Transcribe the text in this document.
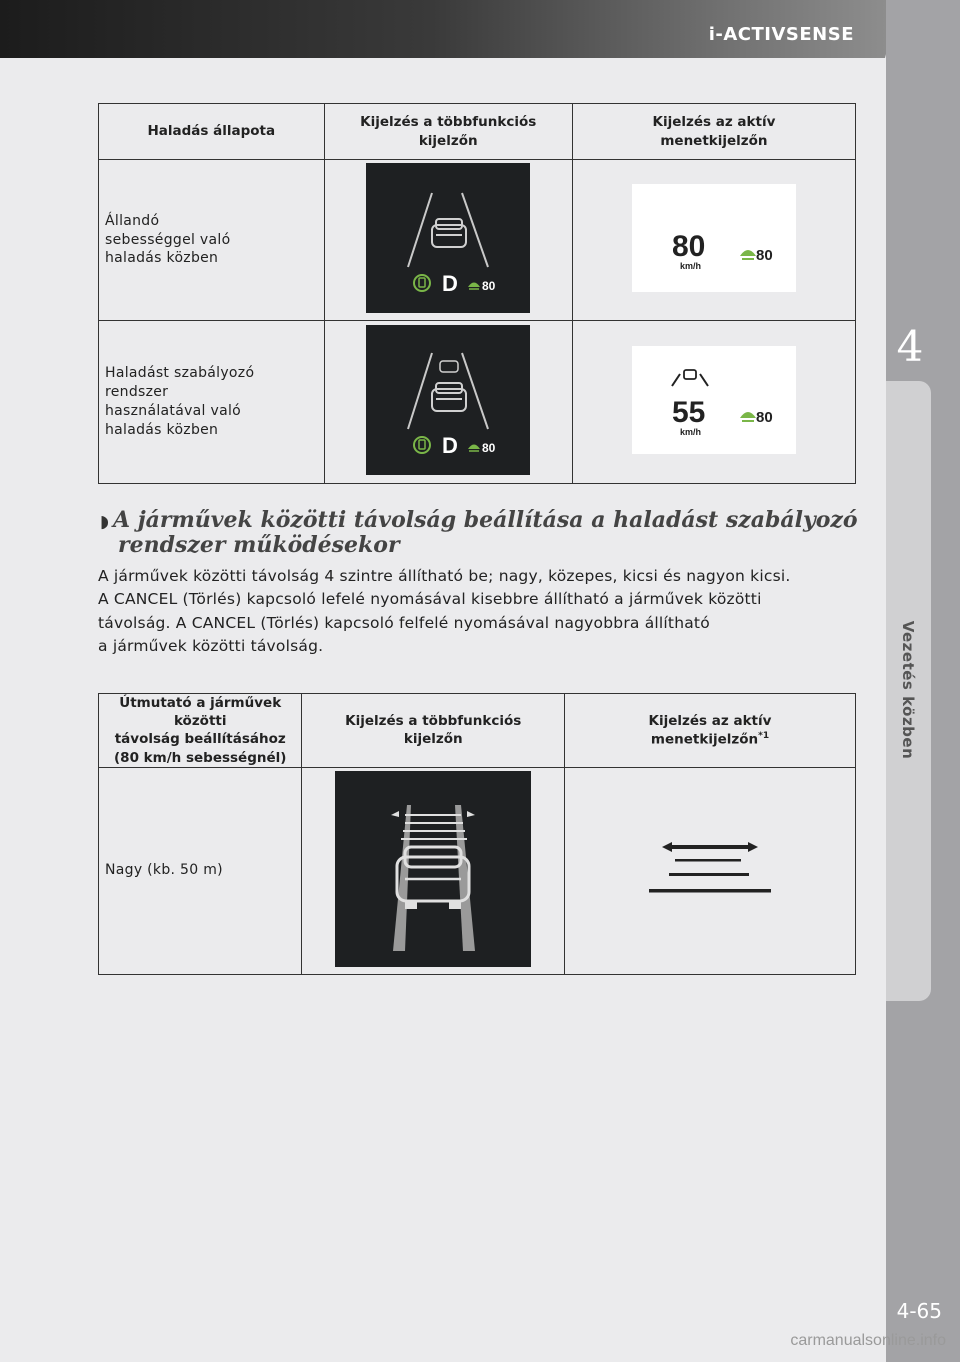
i-ACTIVSENSE
4
Vezetés közben
Haladás állapota	Kijelzés a többfunkciós kijelzőn	Kijelzés az aktív menetkijelzőn
Állandó sebességgel való haladás közben	D 80	80
km/h
80

Haladást szabályozó rendszer használatával való haladás közben	D 80	55
km/h
80
◗ A járművek közötti távolság beállítása a haladást szabályozó
rendszer működésekor

A járművek közötti távolság 4 szintre állítható be; nagy, közepes, kicsi és nagyon kicsi.

A CANCEL (Törlés) kapcsoló lefelé nyomásával kisebbre állítható a járművek közötti

távolság. A CANCEL (Törlés) kapcsoló felfelé nyomásával nagyobbra állítható

a járművek közötti távolság.

Útmutató a járművek közötti
távolság beállításához
(80 km/h sebességnél)	Kijelzés a többfunkciós kijelzőn	Kijelzés az aktív menetkijelzőn$^{*1}$
Nagy (kb. 50 m)		
4-65
carmanualsonline.info
